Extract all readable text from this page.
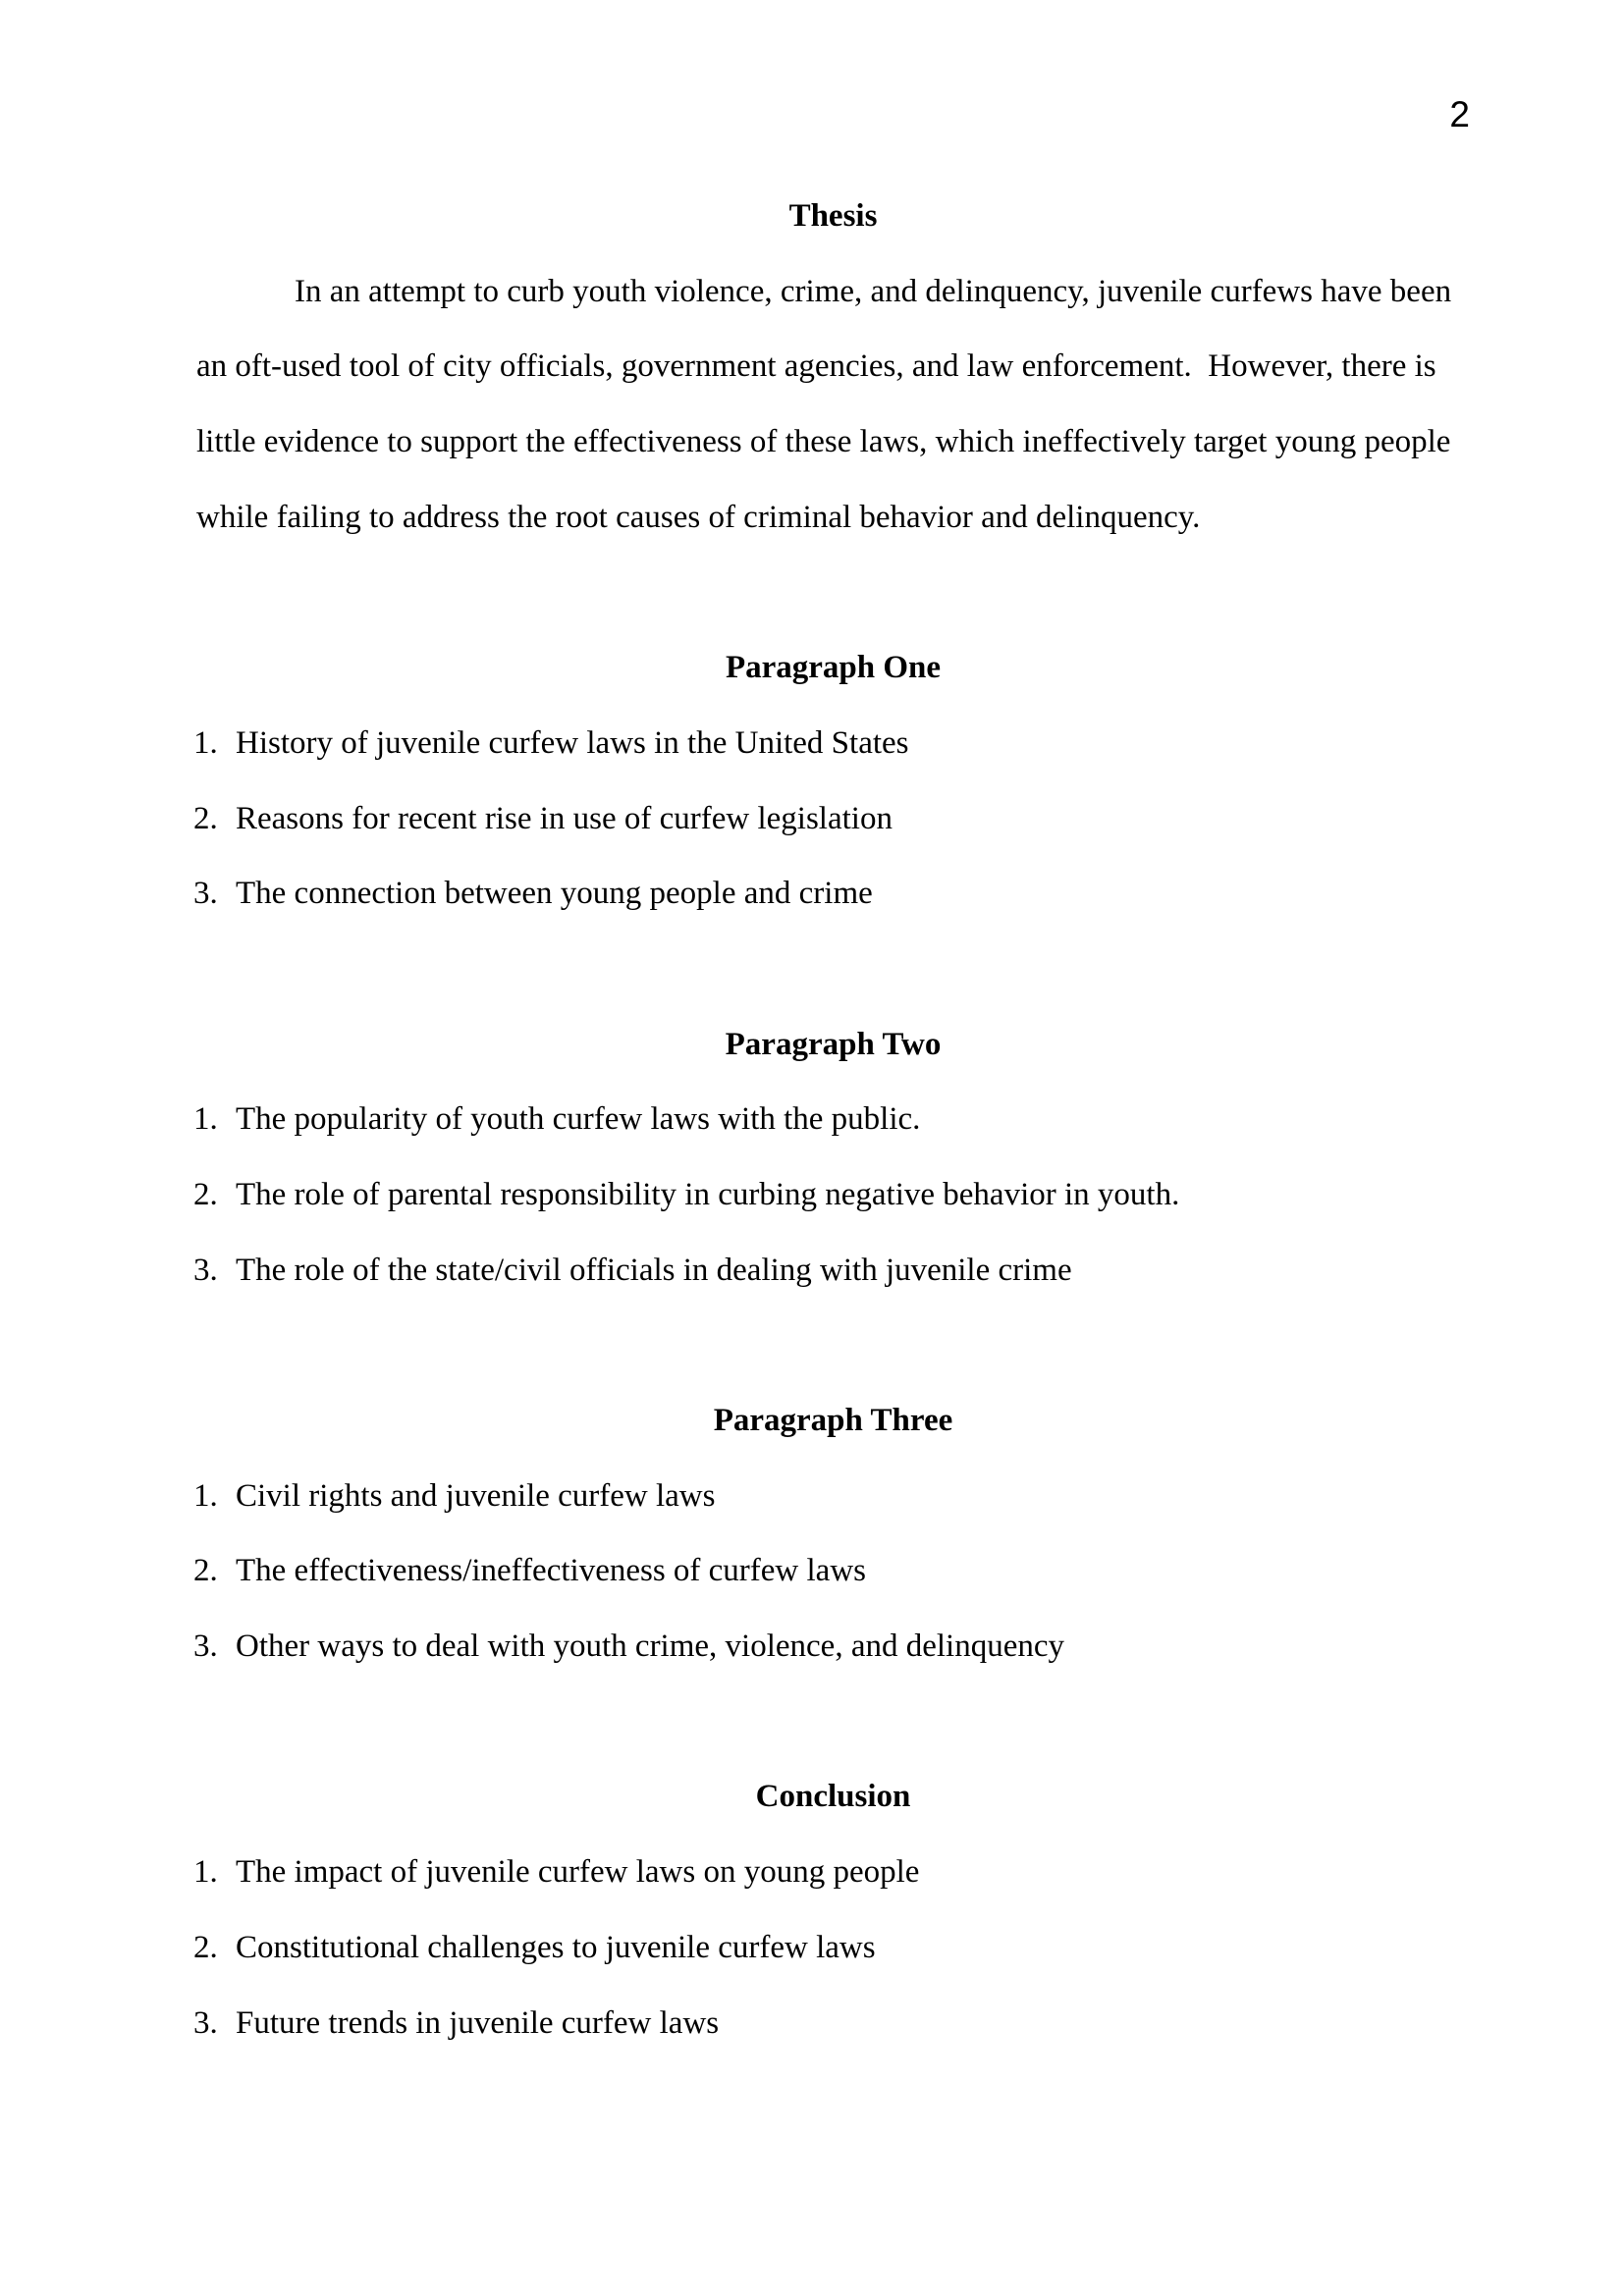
2
Thesis
In an attempt to curb youth violence, crime, and delinquency, juvenile curfews have been
an oft-used tool of city officials, government agencies, and law enforcement.  However, there is
little evidence to support the effectiveness of these laws, which ineffectively target young people
while failing to address the root causes of criminal behavior and delinquency.
Paragraph One
1. History of juvenile curfew laws in the United States
2. Reasons for recent rise in use of curfew legislation
3. The connection between young people and crime
Paragraph Two
1. The popularity of youth curfew laws with the public.
2. The role of parental responsibility in curbing negative behavior in youth.
3. The role of the state/civil officials in dealing with juvenile crime
Paragraph Three
1. Civil rights and juvenile curfew laws
2. The effectiveness/ineffectiveness of curfew laws
3. Other ways to deal with youth crime, violence, and delinquency
Conclusion
1. The impact of juvenile curfew laws on young people
2. Constitutional challenges to juvenile curfew laws
3. Future trends in juvenile curfew laws
